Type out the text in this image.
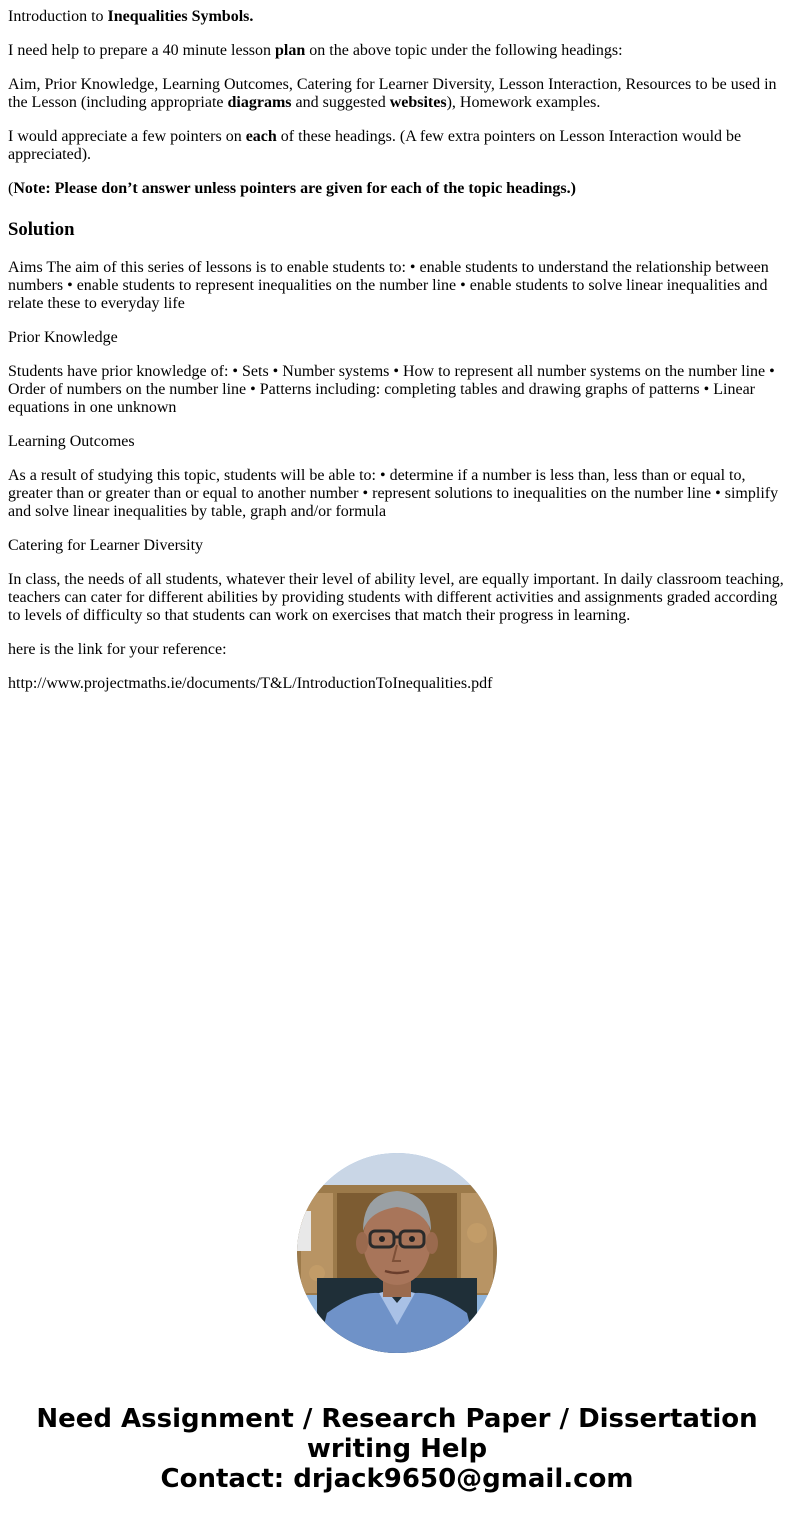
Introduction to Inequalities Symbols.

I need help to prepare a 40 minute lesson plan on the above topic under the following headings:

Aim, Prior Knowledge, Learning Outcomes, Catering for Learner Diversity, Lesson Interaction, Resources to be used in the Lesson (including appropriate diagrams and suggested websites), Homework examples.

I would appreciate a few pointers on each of these headings. (A few extra pointers on Lesson Interaction would be appreciated).

(Note: Please don’t answer unless pointers are given for each of the topic headings.)

Solution

Aims The aim of this series of lessons is to enable students to: • enable students to understand the relationship between numbers • enable students to represent inequalities on the number line • enable students to solve linear inequalities and relate these to everyday life

Prior Knowledge

Students have prior knowledge of: • Sets • Number systems • How to represent all number systems on the number line • Order of numbers on the number line • Patterns including: completing tables and drawing graphs of patterns • Linear equations in one unknown

Learning Outcomes

As a result of studying this topic, students will be able to: • determine if a number is less than, less than or equal to, greater than or greater than or equal to another number • represent solutions to inequalities on the number line • simplify and solve linear inequalities by table, graph and/or formula

Catering for Learner Diversity

In class, the needs of all students, whatever their level of ability level, are equally important. In daily classroom teaching, teachers can cater for different abilities by providing students with different activities and assignments graded according to levels of difficulty so that students can work on exercises that match their progress in learning.

here is the link for your reference:

http://www.projectmaths.ie/documents/T&L/IntroductionToInequalities.pdf

Need Assignment / Research Paper / Dissertation
writing Help
Contact: drjack9650@gmail.com
